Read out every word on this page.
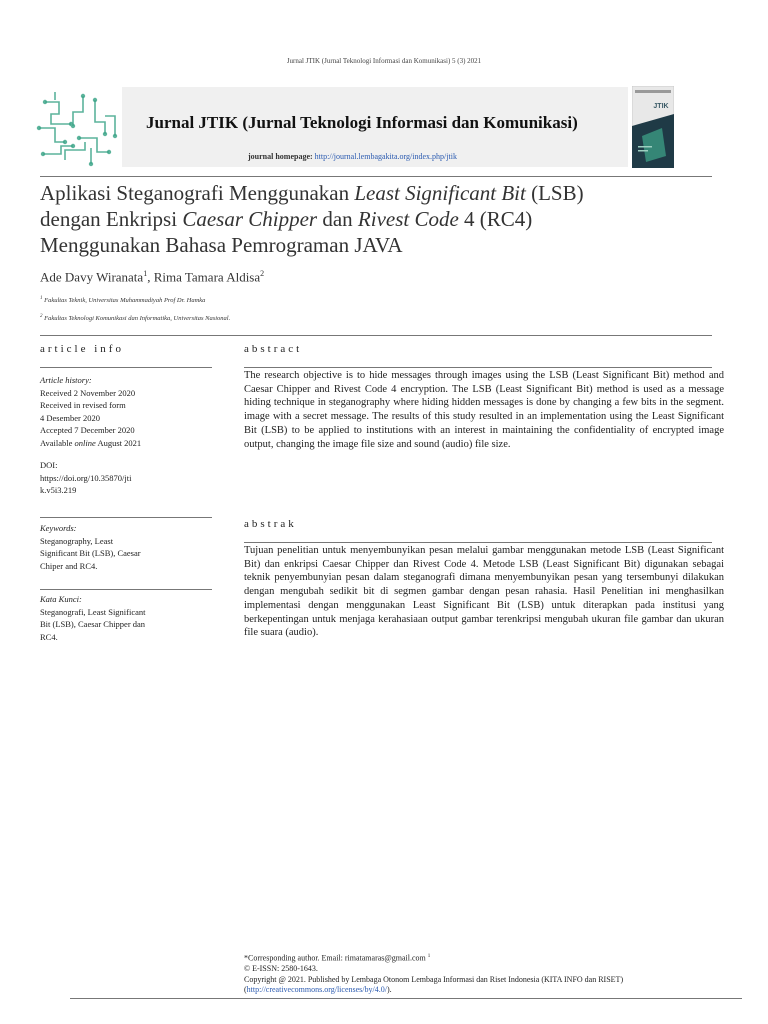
Jurnal JTIK (Jurnal Teknologi Informasi dan Komunikasi) 5 (3) 2021
Jurnal JTIK (Jurnal Teknologi Informasi dan Komunikasi)
journal homepage: http://journal.lembagakita.org/index.php/jtik
JTIK
Aplikasi Steganografi Menggunakan Least Significant Bit (LSB)
dengan Enkripsi Caesar Chipper dan Rivest Code 4 (RC4)
Menggunakan Bahasa Pemrograman JAVA
Ade Davy Wiranata$^1$, Rima Tamara Aldisa$^2$
$^1$ Fakultas Teknik, Universitas Muhammadiyah Prof Dr. Hamka
$^2$ Fakultas Teknologi Komunikasi dan Informatika, Universitas Nasional.
article info
Article history:
Received 2 November 2020
Received in revised form
4 Desember 2020
Accepted 7 December 2020
Available online August 2021
DOI:
https://doi.org/10.35870/jti
k.v5i3.219
Keywords:
Steganography, Least
Significant Bit (LSB), Caesar
Chiper and RC4.
Kata Kunci:
Steganografi, Least Significant
Bit (LSB), Caesar Chipper dan
RC4.
abstract
The research objective is to hide messages through images using the LSB (Least Significant Bit) method and Caesar Chipper and Rivest Code 4 encryption. The LSB (Least Significant Bit) method is used as a message hiding technique in steganography where hiding hidden messages is done by changing a few bits in the segment. image with a secret message. The results of this study resulted in an implementation using the Least Significant Bit (LSB) to be applied to institutions with an interest in maintaining the confidentiality of encrypted image output, changing the image file size and sound (audio) file size.
abstrak
Tujuan penelitian untuk menyembunyikan pesan melalui gambar menggunakan metode LSB (Least Significant Bit) dan enkripsi Caesar Chipper dan Rivest Code 4. Metode LSB (Least Significant Bit) digunakan sebagai teknik penyembunyian pesan dalam steganografi dimana menyembunyikan pesan yang tersembunyi dilakukan dengan mengubah sedikit bit di segmen gambar dengan pesan rahasia. Hasil Penelitian ini menghasilkan implementasi dengan menggunakan Least Significant Bit (LSB) untuk diterapkan pada institusi yang berkepentingan untuk menjaga kerahasiaan output gambar terenkripsi mengubah ukuran file gambar dan ukuran file suara (audio).
*Corresponding author. Email: rimatamaras@gmail.com $^1$
© E-ISSN: 2580-1643.
Copyright @ 2021. Published by Lembaga Otonom Lembaga Informasi dan Riset Indonesia (KITA INFO dan RISET)
(http://creativecommons.org/licenses/by/4.0/).
